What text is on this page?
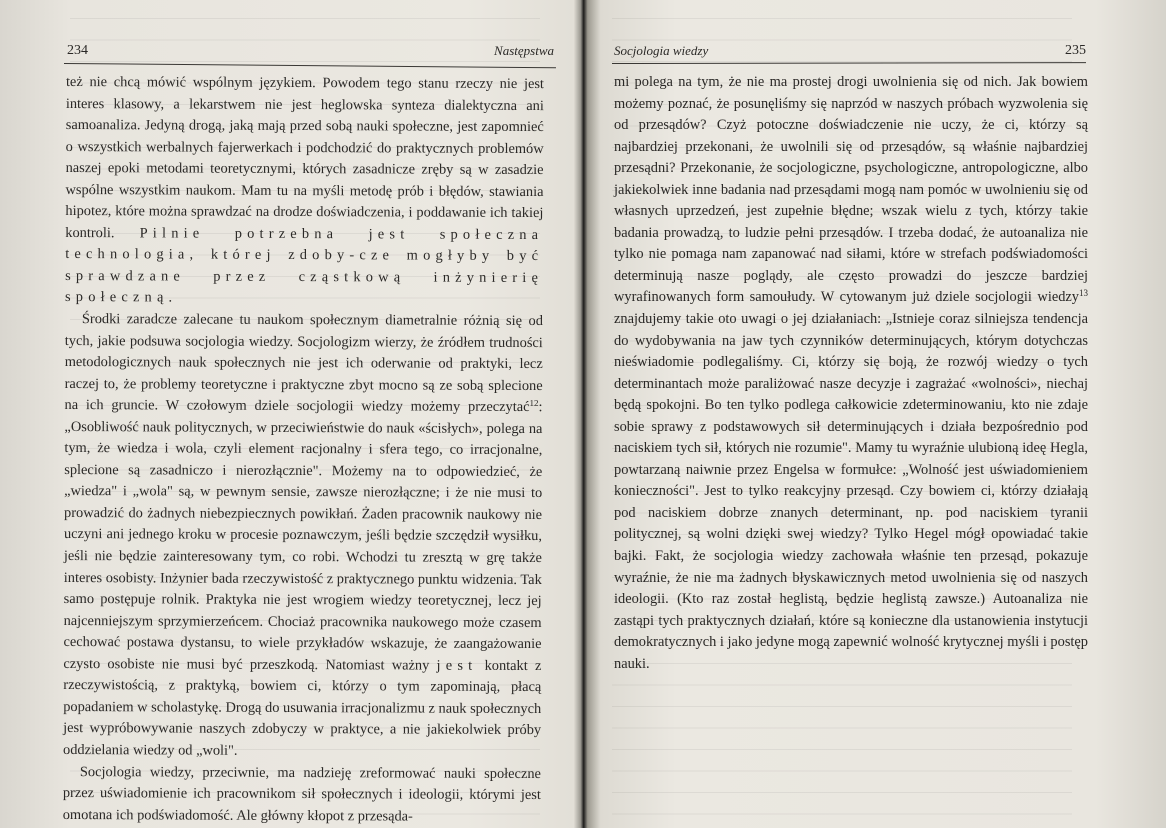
234	Następstwa

też nie chcą mówić wspólnym językiem. Powodem tego stanu rzeczy nie jest interes klasowy, a lekarstwem nie jest heglowska synteza dialektyczna ani samoanaliza. Jedyną drogą, jaką mają przed sobą nauki społeczne, jest zapomnieć o wszystkich werbalnych fajerwerkach i podchodzić do praktycznych problemów naszej epoki metodami teoretycznymi, których zasadnicze zręby są w zasadzie wspólne wszystkim naukom. Mam tu na myśli metodę prób i błędów, stawiania hipotez, które można sprawdzać na drodze doświadczenia, i poddawanie ich takiej kontroli. Pilnie potrzebna jest społeczna technologia, której zdoby-cze mogłyby być sprawdzane przez cząstkową inżynierię społeczną.

Środki zaradcze zalecane tu naukom społecznym diametralnie różnią się od tych, jakie podsuwa socjologia wiedzy. Socjologizm wierzy, że źródłem trudności metodologicznych nauk społecznych nie jest ich oderwanie od praktyki, lecz raczej to, że problemy teoretyczne i praktyczne zbyt mocno są ze sobą splecione na ich gruncie. W czołowym dziele socjologii wiedzy możemy przeczytać$^{12}$: „Osobliwość nauk politycznych, w przeciwieństwie do nauk «ścisłych», polega na tym, że wiedza i wola, czyli element racjonalny i sfera tego, co irracjonalne, splecione są zasadniczo i nierozłącznie". Możemy na to odpowiedzieć, że „wiedza" i „wola" są, w pewnym sensie, zawsze nierozłączne; i że nie musi to prowadzić do żadnych niebezpiecznych powikłań. Żaden pracownik naukowy nie uczyni ani jednego kroku w procesie poznawczym, jeśli będzie szczędził wysiłku, jeśli nie będzie zainteresowany tym, co robi. Wchodzi tu zresztą w grę także interes osobisty. Inżynier bada rzeczywistość z praktycznego punktu widzenia. Tak samo postępuje rolnik. Praktyka nie jest wrogiem wiedzy teoretycznej, lecz jej najcenniejszym sprzymierzeńcem. Chociaż pracownika naukowego może czasem cechować postawa dystansu, to wiele przykładów wskazuje, że zaangażowanie czysto osobiste nie musi być przeszkodą. Natomiast ważny jest kontakt z rzeczywistością, z praktyką, bowiem ci, którzy o tym zapominają, płacą popadaniem w scholastykę. Drogą do usuwania irracjonalizmu z nauk społecznych jest wypróbowywanie naszych zdobyczy w praktyce, a nie jakiekolwiek próby oddzielania wiedzy od „woli".

Socjologia wiedzy, przeciwnie, ma nadzieję zreformować nauki społeczne przez uświadomienie ich pracownikom sił społecznych i ideologii, którymi jest omotana ich podświadomość. Ale główny kłopot z przesąda-

Socjologia wiedzy	235

mi polega na tym, że nie ma prostej drogi uwolnienia się od nich. Jak bowiem możemy poznać, że posunęliśmy się naprzód w naszych próbach wyzwolenia się od przesądów? Czyż potoczne doświadczenie nie uczy, że ci, którzy są najbardziej przekonani, że uwolnili się od przesądów, są właśnie najbardziej przesądni? Przekonanie, że socjologiczne, psychologiczne, antropologiczne, albo jakiekolwiek inne badania nad przesądami mogą nam pomóc w uwolnieniu się od własnych uprzedzeń, jest zupełnie błędne; wszak wielu z tych, którzy takie badania prowadzą, to ludzie pełni przesądów. I trzeba dodać, że autoanaliza nie tylko nie pomaga nam zapanować nad siłami, które w strefach podświadomości determinują nasze poglądy, ale często prowadzi do jeszcze bardziej wyrafinowanych form samoułudy. W cytowanym już dziele socjologii wiedzy$^{13}$ znajdujemy takie oto uwagi o jej działaniach: „Istnieje coraz silniejsza tendencja do wydobywania na jaw tych czynników determinujących, którym dotychczas nieświadomie podlegaliśmy. Ci, którzy się boją, że rozwój wiedzy o tych determinantach może paraliżować nasze decyzje i zagrażać «wolności», niechaj będą spokojni. Bo ten tylko podlega całkowicie zdeterminowaniu, kto nie zdaje sobie sprawy z podstawowych sił determinujących i działa bezpośrednio pod naciskiem tych sił, których nie rozumie". Mamy tu wyraźnie ulubioną ideę Hegla, powtarzaną naiwnie przez Engelsa w formułce: „Wolność jest uświadomieniem konieczności". Jest to tylko reakcyjny przesąd. Czy bowiem ci, którzy działają pod naciskiem dobrze znanych determinant, np. pod naciskiem tyranii politycznej, są wolni dzięki swej wiedzy? Tylko Hegel mógł opowiadać takie bajki. Fakt, że socjologia wiedzy zachowała właśnie ten przesąd, pokazuje wyraźnie, że nie ma żadnych błyskawicznych metod uwolnienia się od naszych ideologii. (Kto raz został heglistą, będzie heglistą zawsze.) Autoanaliza nie zastąpi tych praktycznych działań, które są konieczne dla ustanowienia instytucji demokratycznych i jako jedyne mogą zapewnić wolność krytycznej myśli i postęp nauki.
